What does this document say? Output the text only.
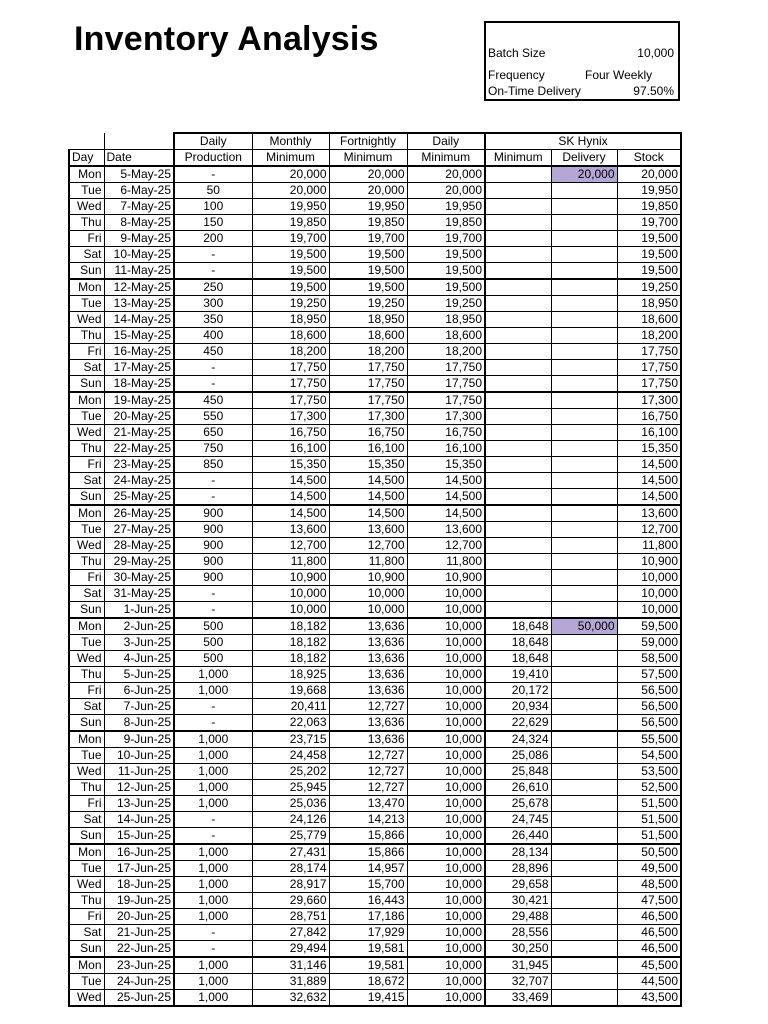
Inventory Analysis	Batch Size	10,000
Frequency	Four Weekly
On-Time Delivery	97.50%
		Daily	Monthly	Fortnightly	Daily	SK Hynix		
Day	Date	Production	Minimum	Minimum	Minimum	Minimum	Delivery	Stock
Mon	5-May-25	-	20,000	20,000	20,000		20,000	20,000
Tue	6-May-25	50	20,000	20,000	20,000			19,950
Wed	7-May-25	100	19,950	19,950	19,950			19,850
Thu	8-May-25	150	19,850	19,850	19,850			19,700
Fri	9-May-25	200	19,700	19,700	19,700			19,500
Sat	10-May-25	-	19,500	19,500	19,500			19,500
Sun	11-May-25	-	19,500	19,500	19,500			19,500
Mon	12-May-25	250	19,500	19,500	19,500			19,250
Tue	13-May-25	300	19,250	19,250	19,250			18,950
Wed	14-May-25	350	18,950	18,950	18,950			18,600
Thu	15-May-25	400	18,600	18,600	18,600			18,200
Fri	16-May-25	450	18,200	18,200	18,200			17,750
Sat	17-May-25	-	17,750	17,750	17,750			17,750
Sun	18-May-25	-	17,750	17,750	17,750			17,750
Mon	19-May-25	450	17,750	17,750	17,750			17,300
Tue	20-May-25	550	17,300	17,300	17,300			16,750
Wed	21-May-25	650	16,750	16,750	16,750			16,100
Thu	22-May-25	750	16,100	16,100	16,100			15,350
Fri	23-May-25	850	15,350	15,350	15,350			14,500
Sat	24-May-25	-	14,500	14,500	14,500			14,500
Sun	25-May-25	-	14,500	14,500	14,500			14,500
Mon	26-May-25	900	14,500	14,500	14,500			13,600
Tue	27-May-25	900	13,600	13,600	13,600			12,700
Wed	28-May-25	900	12,700	12,700	12,700			11,800
Thu	29-May-25	900	11,800	11,800	11,800			10,900
Fri	30-May-25	900	10,900	10,900	10,900			10,000
Sat	31-May-25	-	10,000	10,000	10,000			10,000
Sun	1-Jun-25	-	10,000	10,000	10,000			10,000
Mon	2-Jun-25	500	18,182	13,636	10,000	18,648	50,000	59,500
Tue	3-Jun-25	500	18,182	13,636	10,000	18,648		59,000
Wed	4-Jun-25	500	18,182	13,636	10,000	18,648		58,500
Thu	5-Jun-25	1,000	18,925	13,636	10,000	19,410		57,500
Fri	6-Jun-25	1,000	19,668	13,636	10,000	20,172		56,500
Sat	7-Jun-25	-	20,411	12,727	10,000	20,934		56,500
Sun	8-Jun-25	-	22,063	13,636	10,000	22,629		56,500
Mon	9-Jun-25	1,000	23,715	13,636	10,000	24,324		55,500
Tue	10-Jun-25	1,000	24,458	12,727	10,000	25,086		54,500
Wed	11-Jun-25	1,000	25,202	12,727	10,000	25,848		53,500
Thu	12-Jun-25	1,000	25,945	12,727	10,000	26,610		52,500
Fri	13-Jun-25	1,000	25,036	13,470	10,000	25,678		51,500
Sat	14-Jun-25	-	24,126	14,213	10,000	24,745		51,500
Sun	15-Jun-25	-	25,779	15,866	10,000	26,440		51,500
Mon	16-Jun-25	1,000	27,431	15,866	10,000	28,134		50,500
Tue	17-Jun-25	1,000	28,174	14,957	10,000	28,896		49,500
Wed	18-Jun-25	1,000	28,917	15,700	10,000	29,658		48,500
Thu	19-Jun-25	1,000	29,660	16,443	10,000	30,421		47,500
Fri	20-Jun-25	1,000	28,751	17,186	10,000	29,488		46,500
Sat	21-Jun-25	-	27,842	17,929	10,000	28,556		46,500
Sun	22-Jun-25	-	29,494	19,581	10,000	30,250		46,500
Mon	23-Jun-25	1,000	31,146	19,581	10,000	31,945		45,500
Tue	24-Jun-25	1,000	31,889	18,672	10,000	32,707		44,500
Wed	25-Jun-25	1,000	32,632	19,415	10,000	33,469		43,500
